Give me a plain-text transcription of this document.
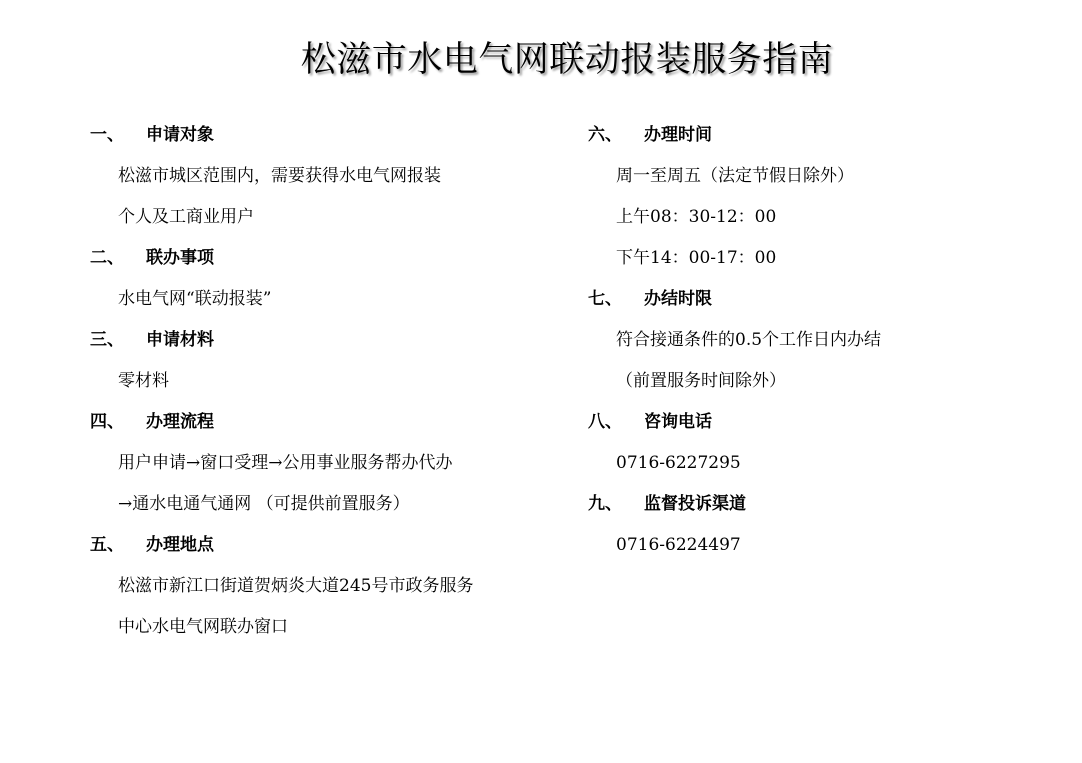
松滋市水电气网联动报装服务指南
一、 申请对象
松滋市城区范围内，需要获得水电气网报装
个人及工商业用户
二、 联办事项
水电气网“联动报装”
三、 申请材料
零材料
四、 办理流程
用户申请→窗口受理→公用事业服务帮办代办
→通水电通气通网 （可提供前置服务）
五、 办理地点
松滋市新江口街道贺炳炎大道245号市政务服务
中心水电气网联办窗口
六、 办理时间
周一至周五（法定节假日除外）
上午08：30-12：00
下午14：00-17：00
七、 办结时限
符合接通条件的0.5个工作日内办结
（前置服务时间除外）
八、 咨询电话
0716-6227295
九、 监督投诉渠道
0716-6224497
